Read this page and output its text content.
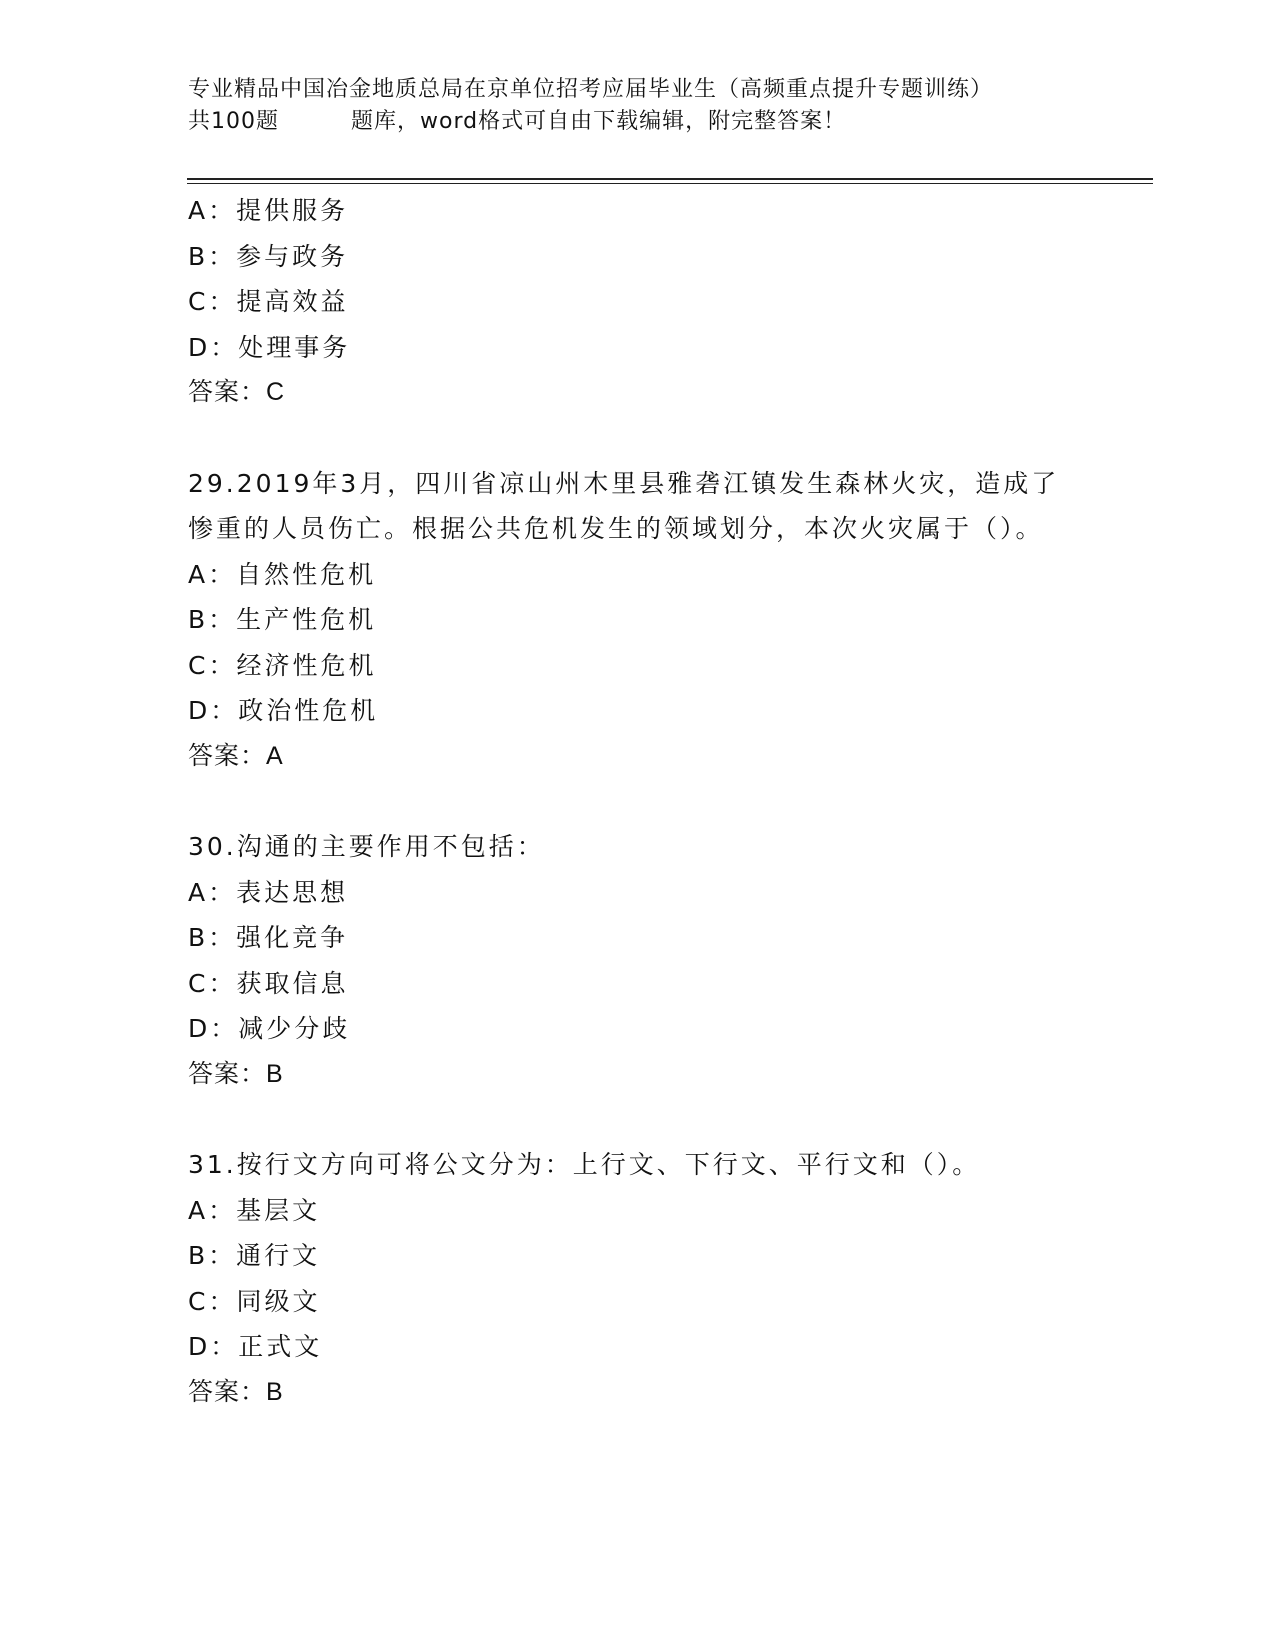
专业精品中国冶金地质总局在京单位招考应届毕业生（高频重点提升专题训练）
共100题	题库，word格式可自由下载编辑，附完整答案！
A：提供服务
B：参与政务
C：提高效益
D：处理事务
答案：C
29.2019年3月，四川省凉山州木里县雅砻江镇发生森林火灾，造成了惨重的人员伤亡。根据公共危机发生的领域划分，本次火灾属于（）。
A：自然性危机
B：生产性危机
C：经济性危机
D：政治性危机
答案：A
30.沟通的主要作用不包括：
A：表达思想
B：强化竞争
C：获取信息
D：减少分歧
答案：B
31.按行文方向可将公文分为：上行文、下行文、平行文和（）。
A：基层文
B：通行文
C：同级文
D：正式文
答案：B
